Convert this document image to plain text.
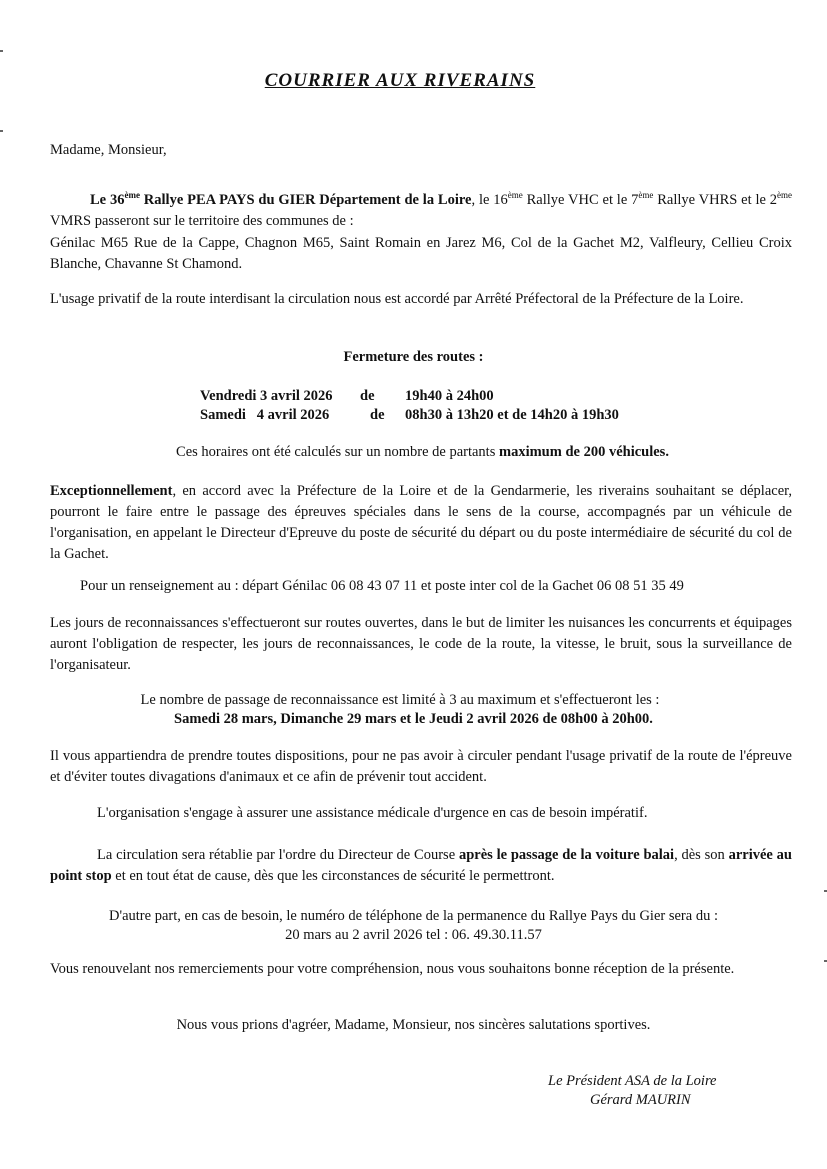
COURRIER AUX RIVERAINS
Madame, Monsieur,
Le 36ème Rallye PEA PAYS du GIER Département de la Loire, le 16ème Rallye VHC et le 7ème Rallye VHRS et le 2ème VMRS passeront sur le territoire des communes de :
Génilac M65 Rue de la Cappe, Chagnon M65, Saint Romain en Jarez M6, Col de la Gachet M2, Valfleury, Cellieu Croix Blanche, Chavanne St Chamond.
L'usage privatif de la route interdisant la circulation nous est accordé par Arrêté Préfectoral de la Préfecture de la Loire.
Fermeture des routes :
Vendredi 3 avril 2026 de 19h40 à 24h00
Samedi   4 avril 2026	de 08h30 à 13h20 et de 14h20 à 19h30
Ces horaires ont été calculés sur un nombre de partants maximum de 200 véhicules.
Exceptionnellement, en accord avec la Préfecture de la Loire et de la Gendarmerie, les riverains souhaitant se déplacer, pourront le faire entre le passage des épreuves spéciales dans le sens de la course, accompagnés par un véhicule de l'organisation, en appelant le Directeur d'Epreuve du poste de sécurité du départ ou du poste intermédiaire de sécurité du col de la Gachet.
Pour un renseignement au : départ Génilac 06 08 43 07 11 et poste inter col de la Gachet 06 08 51 35 49
Les jours de reconnaissances s'effectueront sur routes ouvertes, dans le but de limiter les nuisances les concurrents et équipages auront l'obligation de respecter, les jours de reconnaissances, le code de la route, la vitesse, le bruit, sous la surveillance de l'organisateur.
Le nombre de passage de reconnaissance est limité à 3 au maximum et s'effectueront les :
Samedi 28 mars, Dimanche 29 mars et le Jeudi 2 avril 2026 de 08h00 à 20h00.
Il vous appartiendra de prendre toutes dispositions, pour ne pas avoir à circuler pendant l'usage privatif de la route de l'épreuve et d'éviter toutes divagations d'animaux et ce afin de prévenir tout accident.
L'organisation s'engage à assurer une assistance médicale d'urgence en cas de besoin impératif.
La circulation sera rétablie par l'ordre du Directeur de Course après le passage de la voiture balai, dès son arrivée au point stop et en tout état de cause, dès que les circonstances de sécurité le permettront.
D'autre part, en cas de besoin, le numéro de téléphone de la permanence du Rallye Pays du Gier sera du :
20 mars au 2 avril 2026 tel : 06. 49.30.11.57
Vous renouvelant nos remerciements pour votre compréhension, nous vous souhaitons bonne réception de la présente.
Nous vous prions d'agréer, Madame, Monsieur, nos sincères salutations sportives.
Le Président ASA de la Loire
Gérard MAURIN
